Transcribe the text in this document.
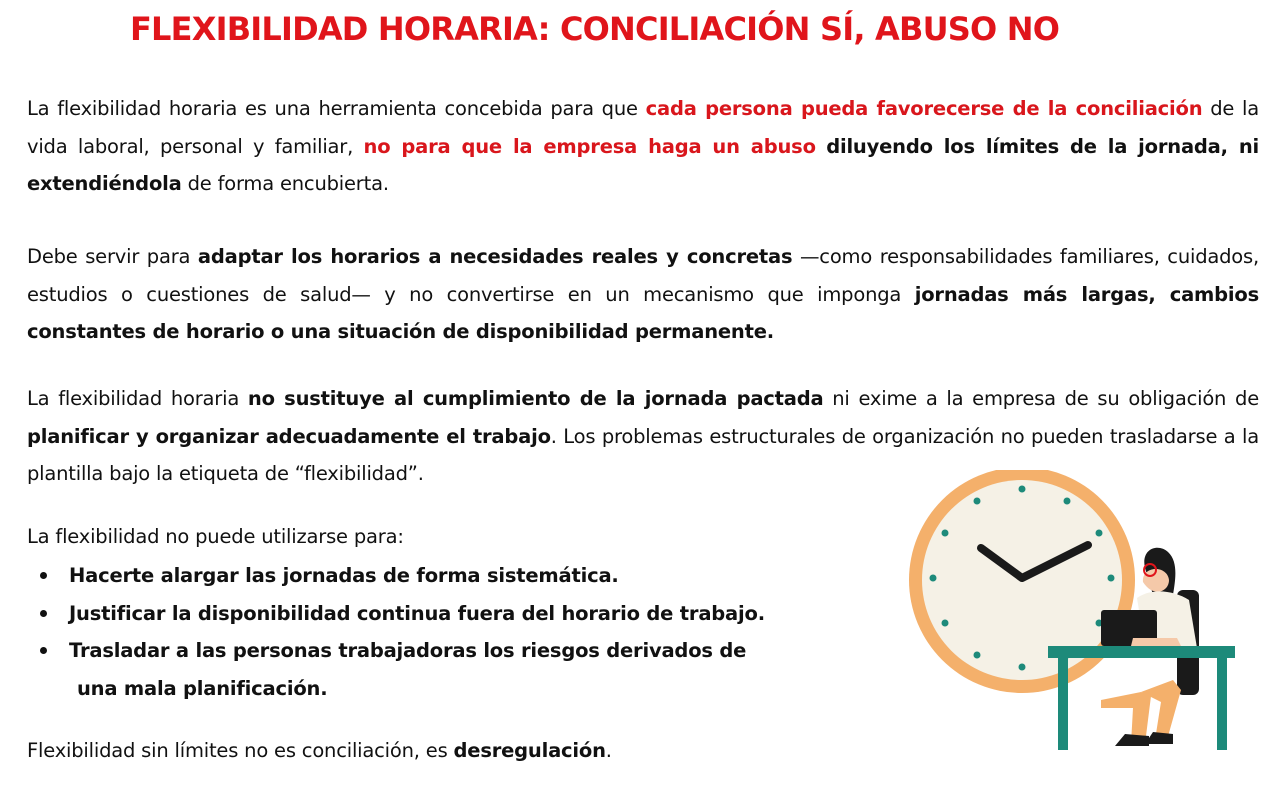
FLEXIBILIDAD HORARIA: CONCILIACIÓN SÍ, ABUSO NO

La flexibilidad horaria es una herramienta concebida para que cada persona pueda favorecerse de la conciliación de la vida laboral, personal y familiar, no para que la empresa haga un abuso diluyendo los límites de la jornada, ni extendiéndola de forma encubierta.

Debe servir para adaptar los horarios a necesidades reales y concretas —como responsabilidades familiares, cuidados, estudios o cuestiones de salud— y no convertirse en un mecanismo que imponga jornadas más largas, cambios constantes de horario o una situación de disponibilidad permanente.

La flexibilidad horaria no sustituye al cumplimiento de la jornada pactada ni exime a la empresa de su obligación de planificar y organizar adecuadamente el trabajo. Los problemas estructurales de organización no pueden trasladarse a la plantilla bajo la etiqueta de “flexibilidad”.

La flexibilidad no puede utilizarse para:

Hacerte alargar las jornadas de forma sistemática.
Justificar la disponibilidad continua fuera del horario de trabajo.
Trasladar a las personas trabajadoras los riesgos derivados de
una mala planificación.

Flexibilidad sin límites no es conciliación, es desregulación.
